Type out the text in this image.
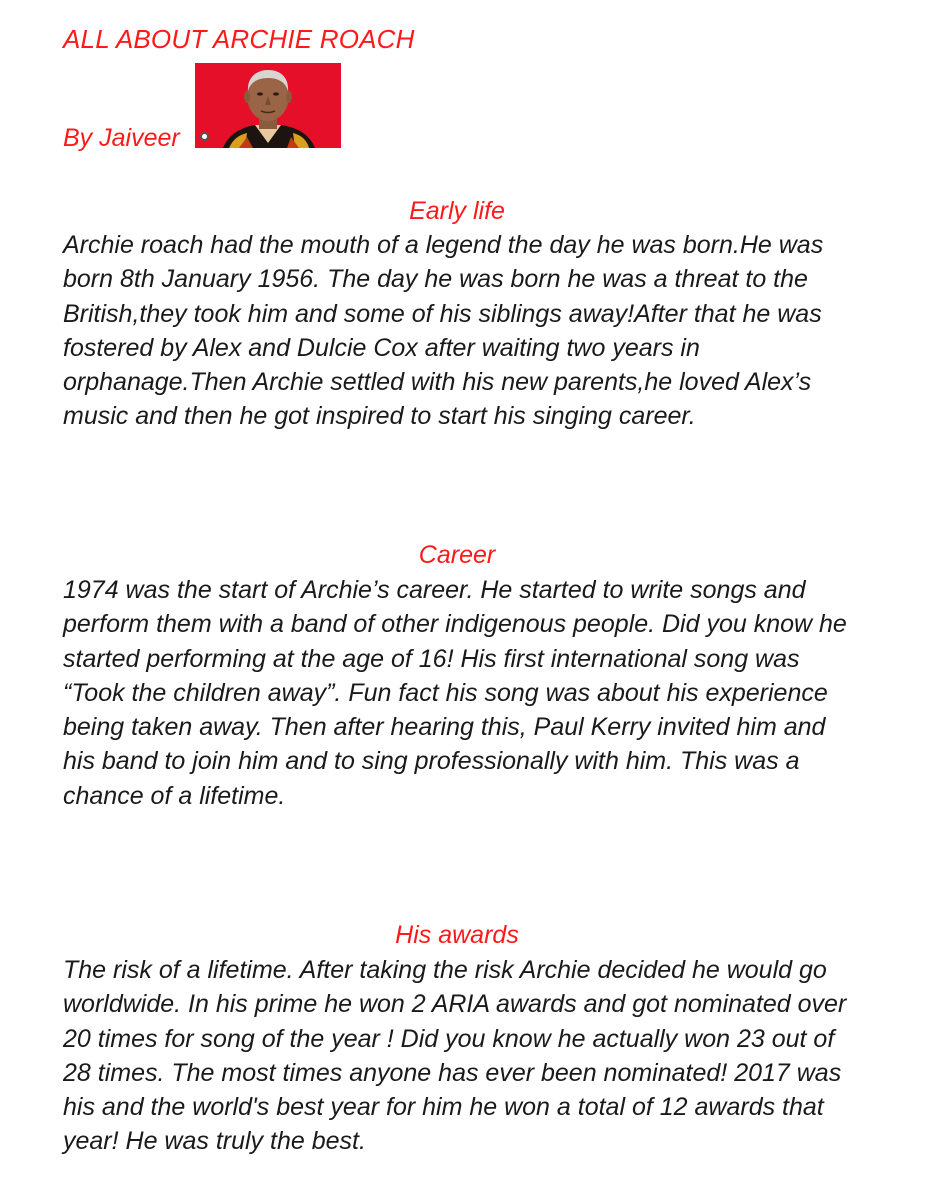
ALL ABOUT ARCHIE ROACH
By Jaiveer
Early life

Archie roach had the mouth of a legend the day he was born.He was born 8th January 1956. The day he was born he was a threat to the British,they took him and some of his siblings away!After that he was fostered by Alex and Dulcie Cox after waiting two years in orphanage.Then Archie settled with his new parents,he loved Alex’s music and then he got inspired to start his singing career.

Career

1974 was the start of Archie’s career. He started to write songs and perform them with a band of other indigenous people. Did you know he started performing at the age of 16! His first international song was “Took the children away”. Fun fact his song was about his experience being taken away. Then after hearing this, Paul Kerry invited him and his band to join him and to sing professionally with him. This was a chance of a lifetime.

His awards

The risk of a lifetime. After taking the risk Archie decided he would go worldwide. In his prime he won 2 ARIA awards and got nominated over 20 times for song of the year ! Did you know he actually won 23 out of 28 times. The most times anyone has ever been nominated! 2017 was his and the world's best year for him he won a total of 12 awards that year! He was truly the best.
